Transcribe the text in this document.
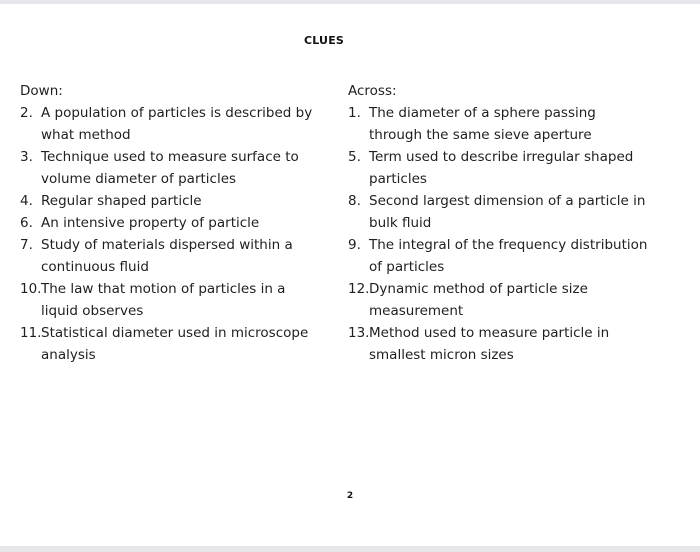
CLUES
Down:
2. A population of particles is described by what method
3. Technique used to measure surface to volume diameter of particles
4. Regular shaped particle
6. An intensive property of particle
7. Study of materials dispersed within a continuous fluid
10. The law that motion of particles in a liquid observes
11. Statistical diameter used in microscope analysis
Across:
1. The diameter of a sphere passing through the same sieve aperture
5. Term used to describe irregular shaped particles
8. Second largest dimension of a particle in bulk fluid
9. The integral of the frequency distribution of particles
12. Dynamic method of particle size measurement
13. Method used to measure particle in smallest micron sizes
2
